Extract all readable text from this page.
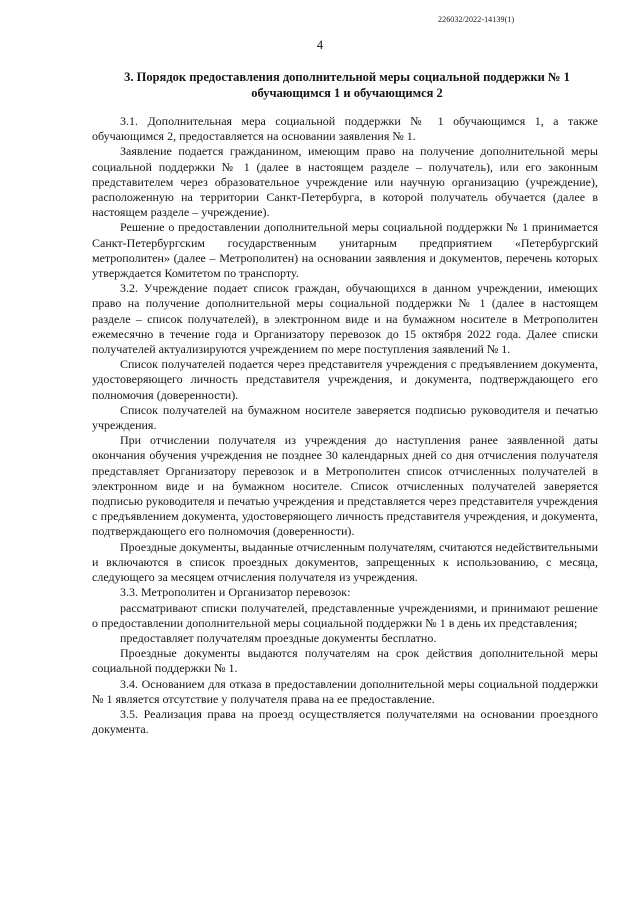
226032/2022-14139(1)
4
3. Порядок предоставления дополнительной меры социальной поддержки № 1 обучающимся 1 и обучающимся 2

3.1. Дополнительная мера социальной поддержки № 1 обучающимся 1, а также обучающимся 2, предоставляется на основании заявления № 1.

Заявление подается гражданином, имеющим право на получение дополнительной меры социальной поддержки № 1 (далее в настоящем разделе – получатель), или его законным представителем через образовательное учреждение или научную организацию (учреждение), расположенную на территории Санкт-Петербурга, в которой получатель обучается (далее в настоящем разделе – учреждение).

Решение о предоставлении дополнительной меры социальной поддержки № 1 принимается Санкт-Петербургским государственным унитарным предприятием «Петербургский метрополитен» (далее – Метрополитен) на основании заявления и документов, перечень которых утверждается Комитетом по транспорту.

3.2. Учреждение подает список граждан, обучающихся в данном учреждении, имеющих право на получение дополнительной меры социальной поддержки № 1 (далее в настоящем разделе – список получателей), в электронном виде и на бумажном носителе в Метрополитен ежемесячно в течение года и Организатору перевозок до 15 октября 2022 года. Далее списки получателей актуализируются учреждением по мере поступления заявлений № 1.

Список получателей подается через представителя учреждения с предъявлением документа, удостоверяющего личность представителя учреждения, и документа, подтверждающего его полномочия (доверенности).

Список получателей на бумажном носителе заверяется подписью руководителя и печатью учреждения.

При отчислении получателя из учреждения до наступления ранее заявленной даты окончания обучения учреждения не позднее 30 календарных дней со дня отчисления получателя представляет Организатору перевозок и в Метрополитен список отчисленных получателей в электронном виде и на бумажном носителе. Список отчисленных получателей заверяется подписью руководителя и печатью учреждения и представляется через представителя учреждения с предъявлением документа, удостоверяющего личность представителя учреждения, и документа, подтверждающего его полномочия (доверенности).

Проездные документы, выданные отчисленным получателям, считаются недействительными и включаются в список проездных документов, запрещенных к использованию, с месяца, следующего за месяцем отчисления получателя из учреждения.

3.3. Метрополитен и Организатор перевозок:

рассматривают списки получателей, представленные учреждениями, и принимают решение о предоставлении дополнительной меры социальной поддержки № 1 в день их представления;

предоставляет получателям проездные документы бесплатно.

Проездные документы выдаются получателям на срок действия дополнительной меры социальной поддержки № 1.

3.4. Основанием для отказа в предоставлении дополнительной меры социальной поддержки № 1 является отсутствие у получателя права на ее предоставление.

3.5. Реализация права на проезд осуществляется получателями на основании проездного документа.
